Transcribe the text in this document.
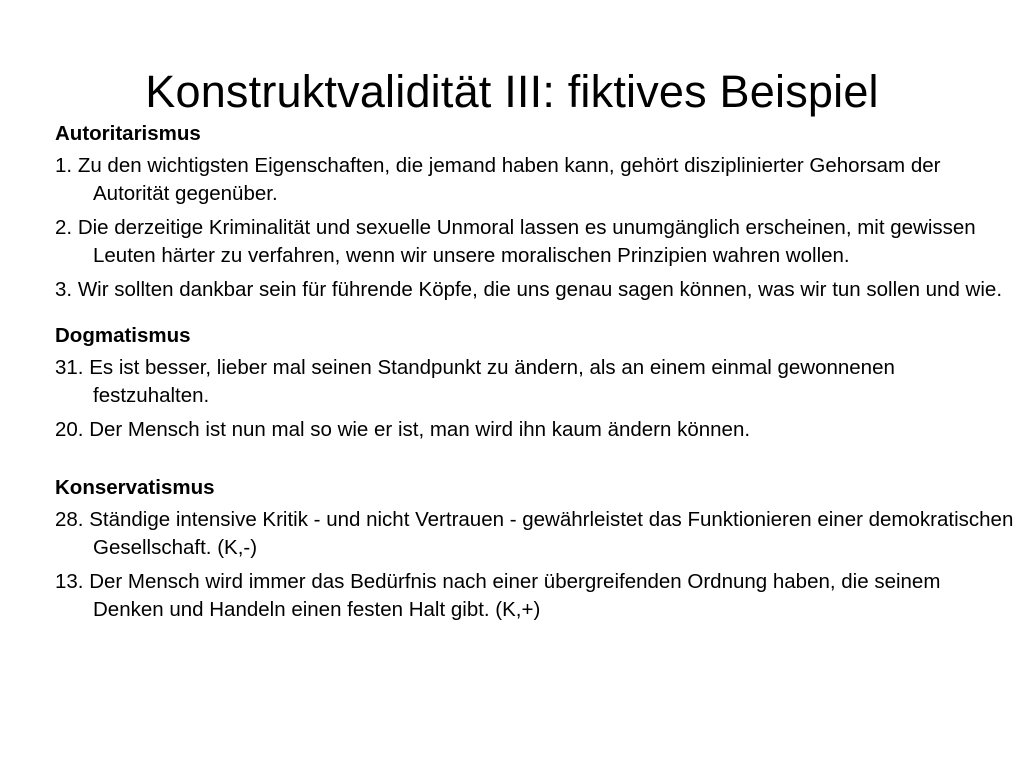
Konstruktvalidität III: fiktives Beispiel
Autoritarismus
1. Zu den wichtigsten Eigenschaften, die jemand haben kann, gehört disziplinierter Gehorsam der Autorität gegenüber.
2. Die derzeitige Kriminalität und sexuelle Unmoral lassen es unumgänglich erscheinen, mit gewissen Leuten härter zu verfahren, wenn wir unsere moralischen Prinzipien wahren wollen.
3. Wir sollten dankbar sein für führende Köpfe, die uns genau sagen können, was wir tun sollen und wie.
Dogmatismus
31. Es ist besser, lieber mal seinen Standpunkt zu ändern, als an einem einmal gewonnenen festzuhalten.
20. Der Mensch ist nun mal so wie er ist, man wird ihn kaum ändern können.
Konservatismus
28. Ständige intensive Kritik - und nicht Vertrauen - gewährleistet das Funktionieren einer demokratischen Gesellschaft. (K,-)
13. Der Mensch wird immer das Bedürfnis nach einer übergreifenden Ordnung haben, die seinem Denken und Handeln einen festen Halt gibt. (K,+)
